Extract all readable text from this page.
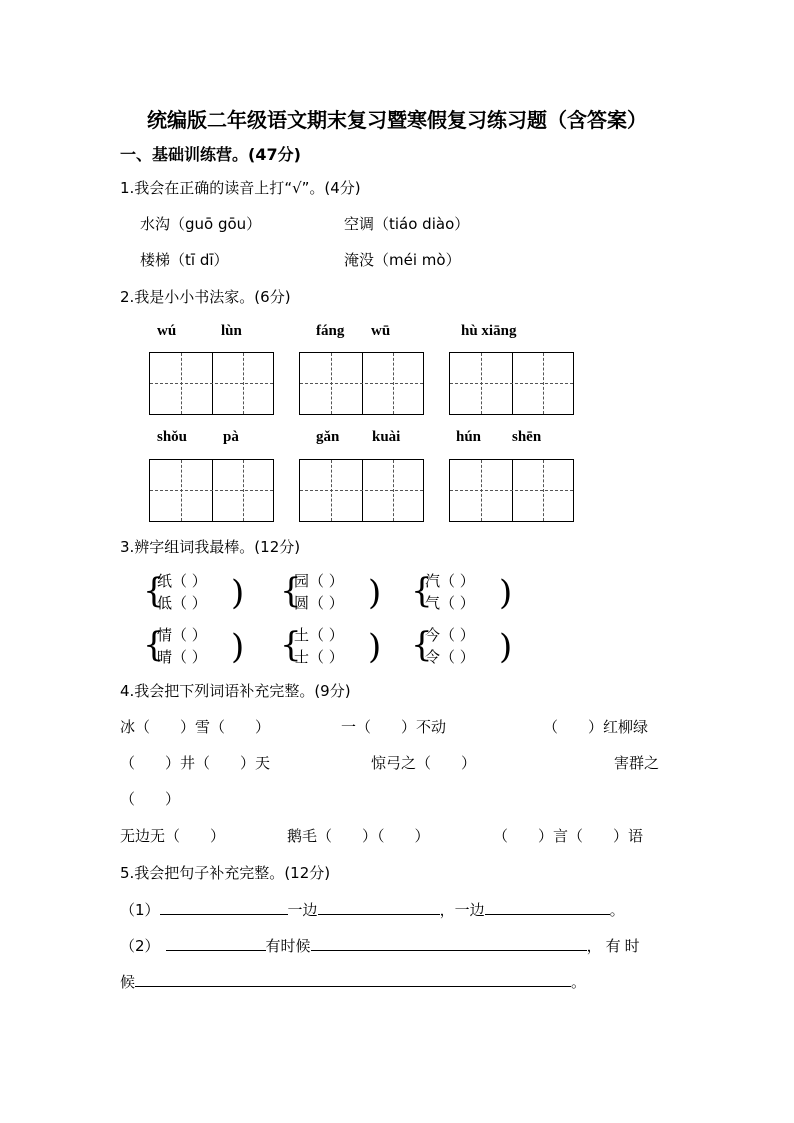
统编版二年级语文期末复习暨寒假复习练习题（含答案）
一、基础训练营。(47分)
1.我会在正确的读音上打“√”。(4分)
水沟（guō gōu）	空调（tiáo diào）
楼梯（tī dī）	淹没（méi mò）
2.我是小小书法家。(6分)
wú	lùn	fáng wū	hù xiāng
shǒu pà	gǎn kuài	hún shēn
3.辨字组词我最棒。(12分)
{
纸（ ）
低（ ） ) {
园（ ）
圆（ ） ) {
汽（ ）
气（ ） )
{
情（ ）
晴（ ） ) {
土（ ）
士（ ） ) {
今（ ）
令（ ） )
4.我会把下列词语补充完整。(9分)
冰（　　）雪（　　）	一（　　）不动	（　　）红柳绿
（　　）井（　　）天	惊弓之（　　）	害群之
（　　）
无边无（　　）	鹅毛（　　）（　　）	（　　）言（　　）语
5.我会把句子补充完整。(12分)
（1）	一边	，一边	。
（2）	有时候	，有时
候	。
